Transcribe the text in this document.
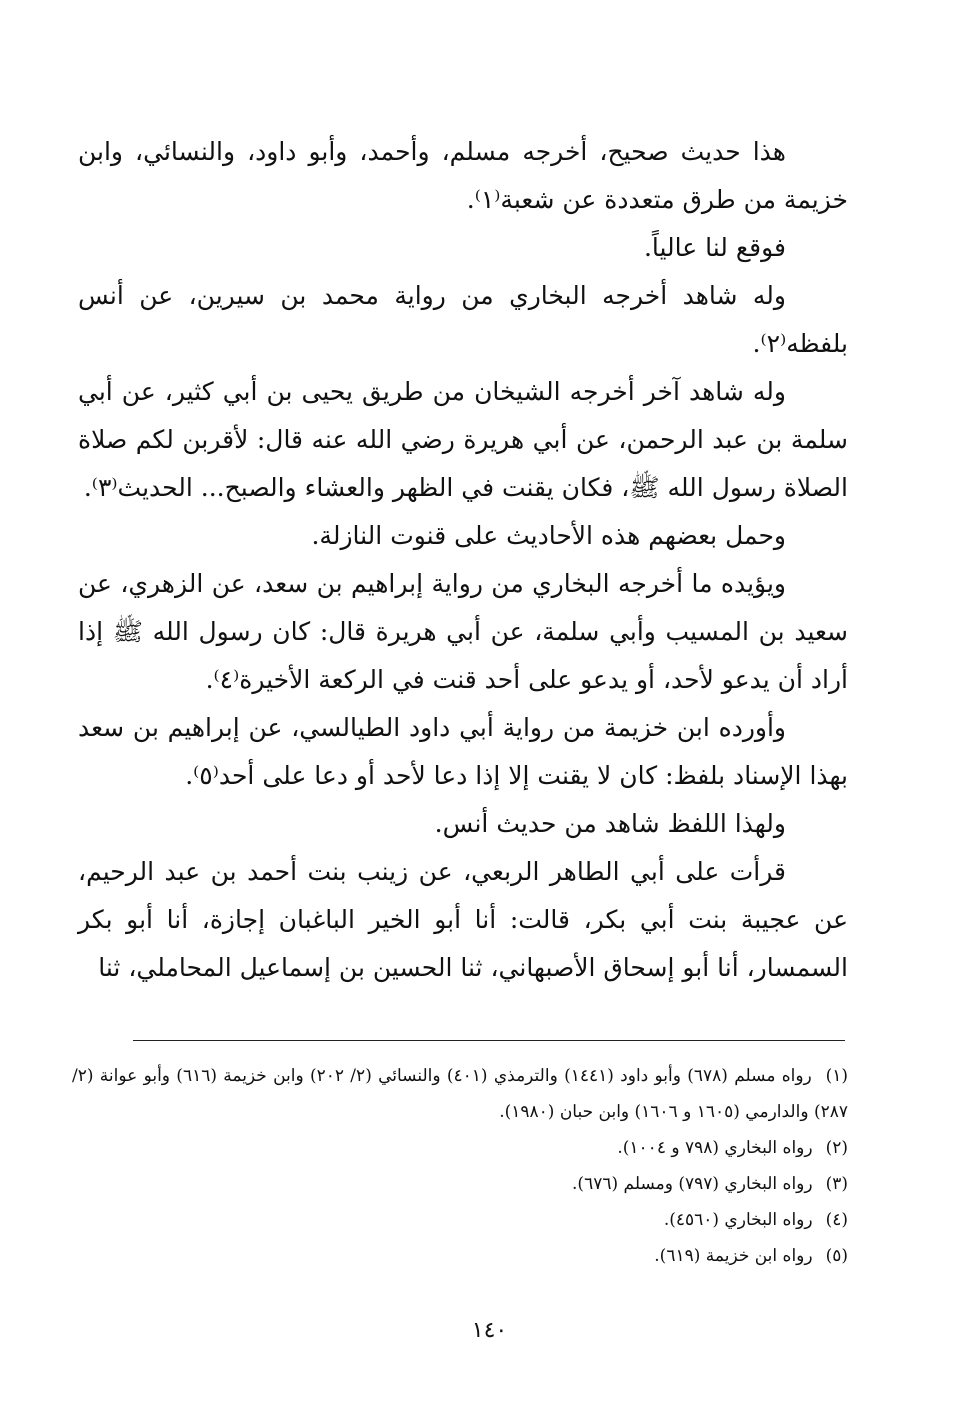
هذا حديث صحيح، أخرجه مسلم، وأحمد، وأبو داود، والنسائي، وابن خزيمة من طرق متعددة عن شعبة⁽١⁾.

فوقع لنا عالياً.

وله شاهد أخرجه البخاري من رواية محمد بن سيرين، عن أنس بلفظه⁽٢⁾.

وله شاهد آخر أخرجه الشيخان من طريق يحيى بن أبي كثير، عن أبي سلمة بن عبد الرحمن، عن أبي هريرة رضي الله عنه قال: لأقربن لكم صلاة الصلاة رسول الله ﷺ، فكان يقنت في الظهر والعشاء والصبح... الحديث⁽٣⁾.

وحمل بعضهم هذه الأحاديث على قنوت النازلة.

ويؤيده ما أخرجه البخاري من رواية إبراهيم بن سعد، عن الزهري، عن سعيد بن المسيب وأبي سلمة، عن أبي هريرة قال: كان رسول الله ﷺ إذا أراد أن يدعو لأحد، أو يدعو على أحد قنت في الركعة الأخيرة⁽٤⁾.

وأورده ابن خزيمة من رواية أبي داود الطيالسي، عن إبراهيم بن سعد بهذا الإسناد بلفظ: كان لا يقنت إلا إذا دعا لأحد أو دعا على أحد⁽٥⁾.

ولهذا اللفظ شاهد من حديث أنس.

قرأت على أبي الطاهر الربعي، عن زينب بنت أحمد بن عبد الرحيم، عن عجيبة بنت أبي بكر، قالت: أنا أبو الخير الباغبان إجازة، أنا أبو بكر السمسار، أنا أبو إسحاق الأصبهاني، ثنا الحسين بن إسماعيل المحاملي، ثنا

(١) رواه مسلم (٦٧٨) وأبو داود (١٤٤١) والترمذي (٤٠١) والنسائي (٢/ ٢٠٢) وابن خزيمة (٦١٦) وأبو عوانة (٢/ ٢٨٧) والدارمي (١٦٠٥ و ١٦٠٦) وابن حبان (١٩٨٠).

(٢) رواه البخاري (٧٩٨ و ١٠٠٤).

(٣) رواه البخاري (٧٩٧) ومسلم (٦٧٦).

(٤) رواه البخاري (٤٥٦٠).

(٥) رواه ابن خزيمة (٦١٩).

١٤٠
